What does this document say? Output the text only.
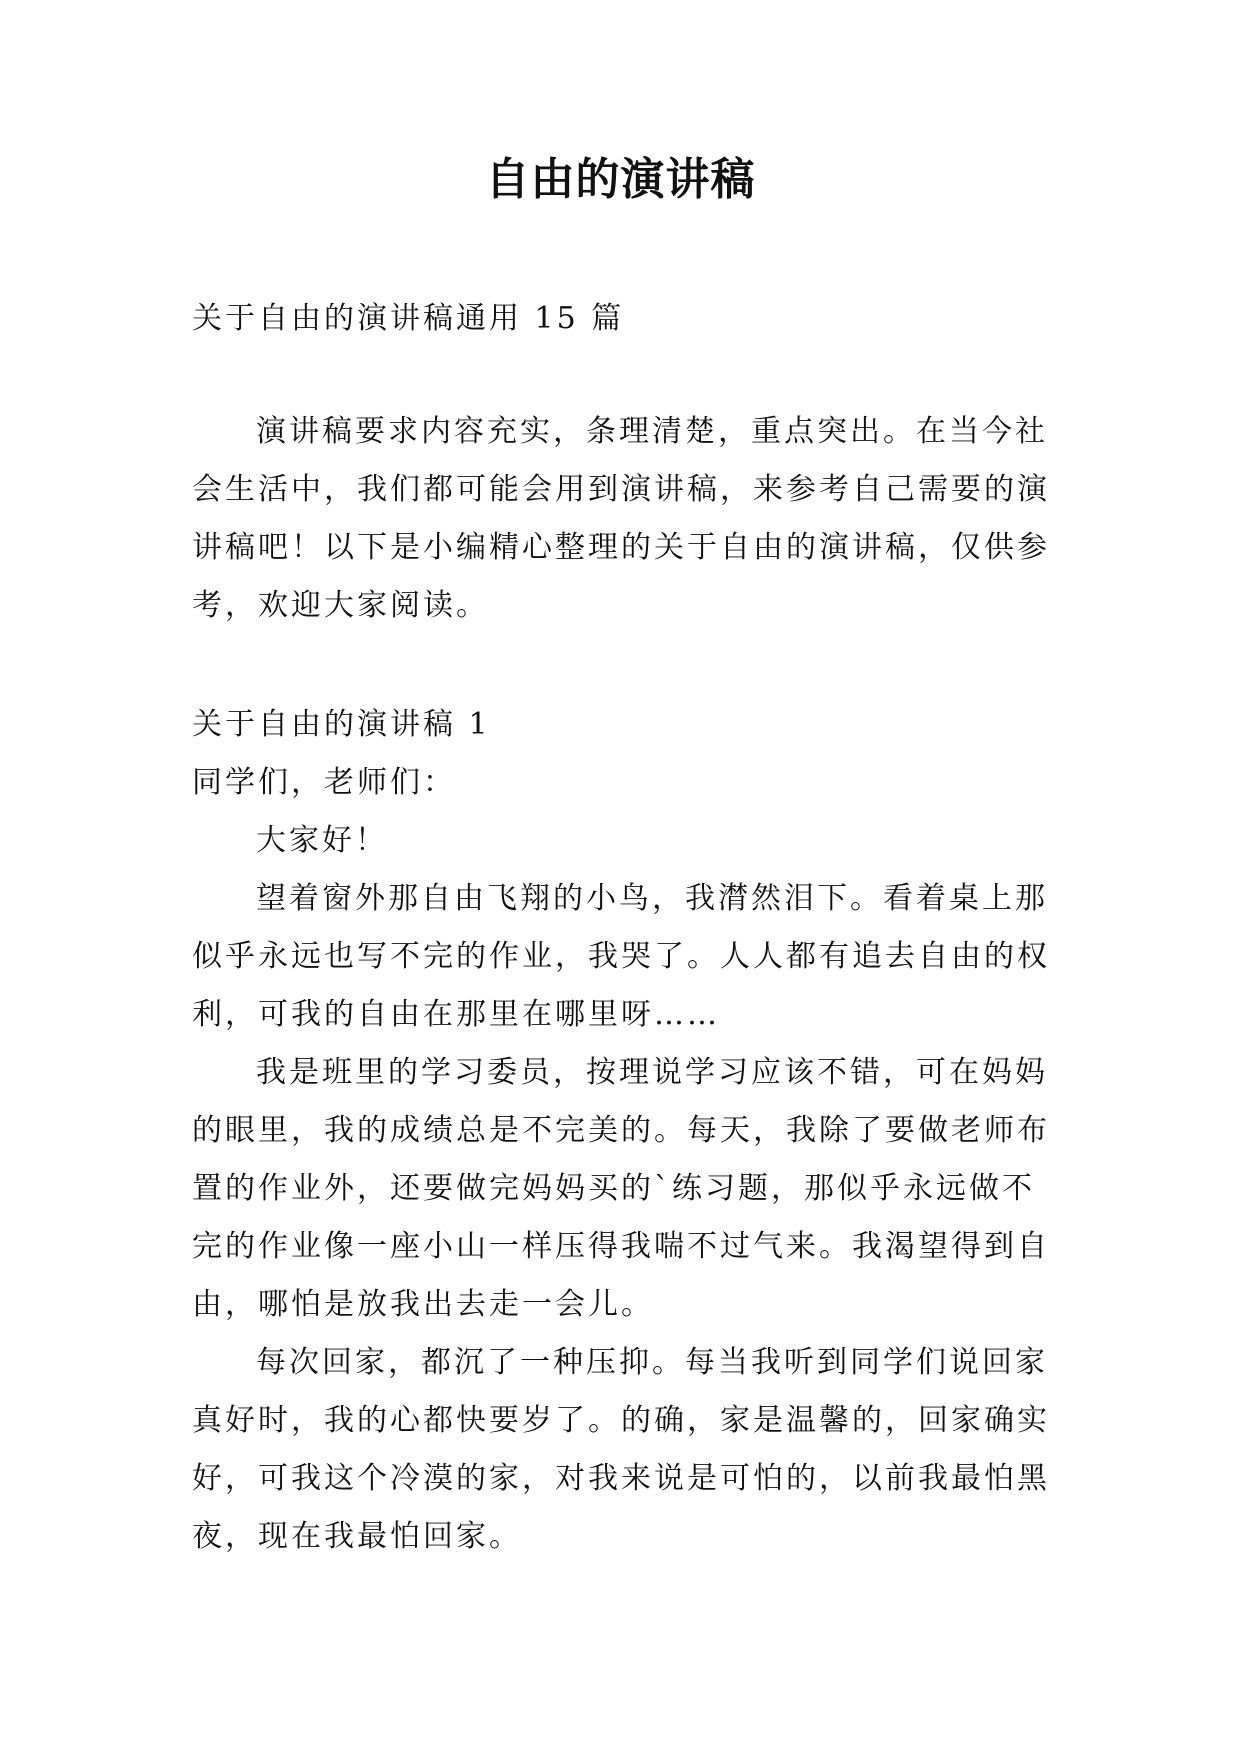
自由的演讲稿

关于自由的演讲稿通用 15 篇

演讲稿要求内容充实，条理清楚，重点突出。在当今社会生活中，我们都可能会用到演讲稿，来参考自己需要的演讲稿吧！以下是小编精心整理的关于自由的演讲稿，仅供参考，欢迎大家阅读。

关于自由的演讲稿 1

同学们，老师们：

大家好！

望着窗外那自由飞翔的小鸟，我潸然泪下。看着桌上那似乎永远也写不完的作业，我哭了。人人都有追去自由的权利，可我的自由在那里在哪里呀……

我是班里的学习委员，按理说学习应该不错，可在妈妈的眼里，我的成绩总是不完美的。每天，我除了要做老师布置的作业外，还要做完妈妈买的`练习题，那似乎永远做不完的作业像一座小山一样压得我喘不过气来。我渴望得到自由，哪怕是放我出去走一会儿。

每次回家，都沉了一种压抑。每当我听到同学们说回家真好时，我的心都快要岁了。的确，家是温馨的，回家确实好，可我这个冷漠的家，对我来说是可怕的，以前我最怕黑夜，现在我最怕回家。
